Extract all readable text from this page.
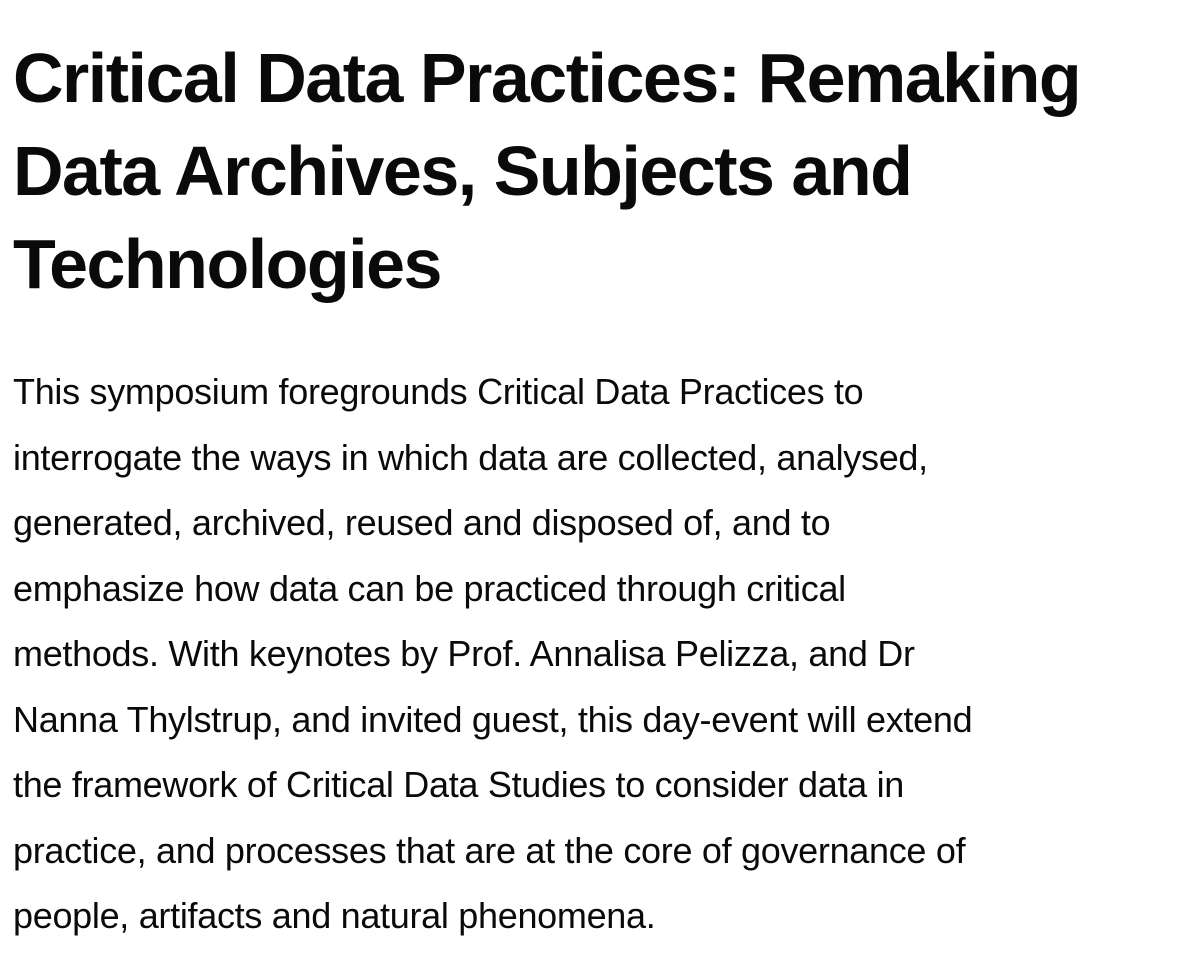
Critical Data Practices: Remaking
Data Archives, Subjects and
Technologies

This symposium foregrounds Critical Data Practices to
interrogate the ways in which data are collected, analysed,
generated, archived, reused and disposed of, and to
emphasize how data can be practiced through critical
methods. With keynotes by Prof. Annalisa Pelizza, and Dr
Nanna Thylstrup, and invited guest, this day-event will extend
the framework of Critical Data Studies to consider data in
practice, and processes that are at the core of governance of
people, artifacts and natural phenomena.
